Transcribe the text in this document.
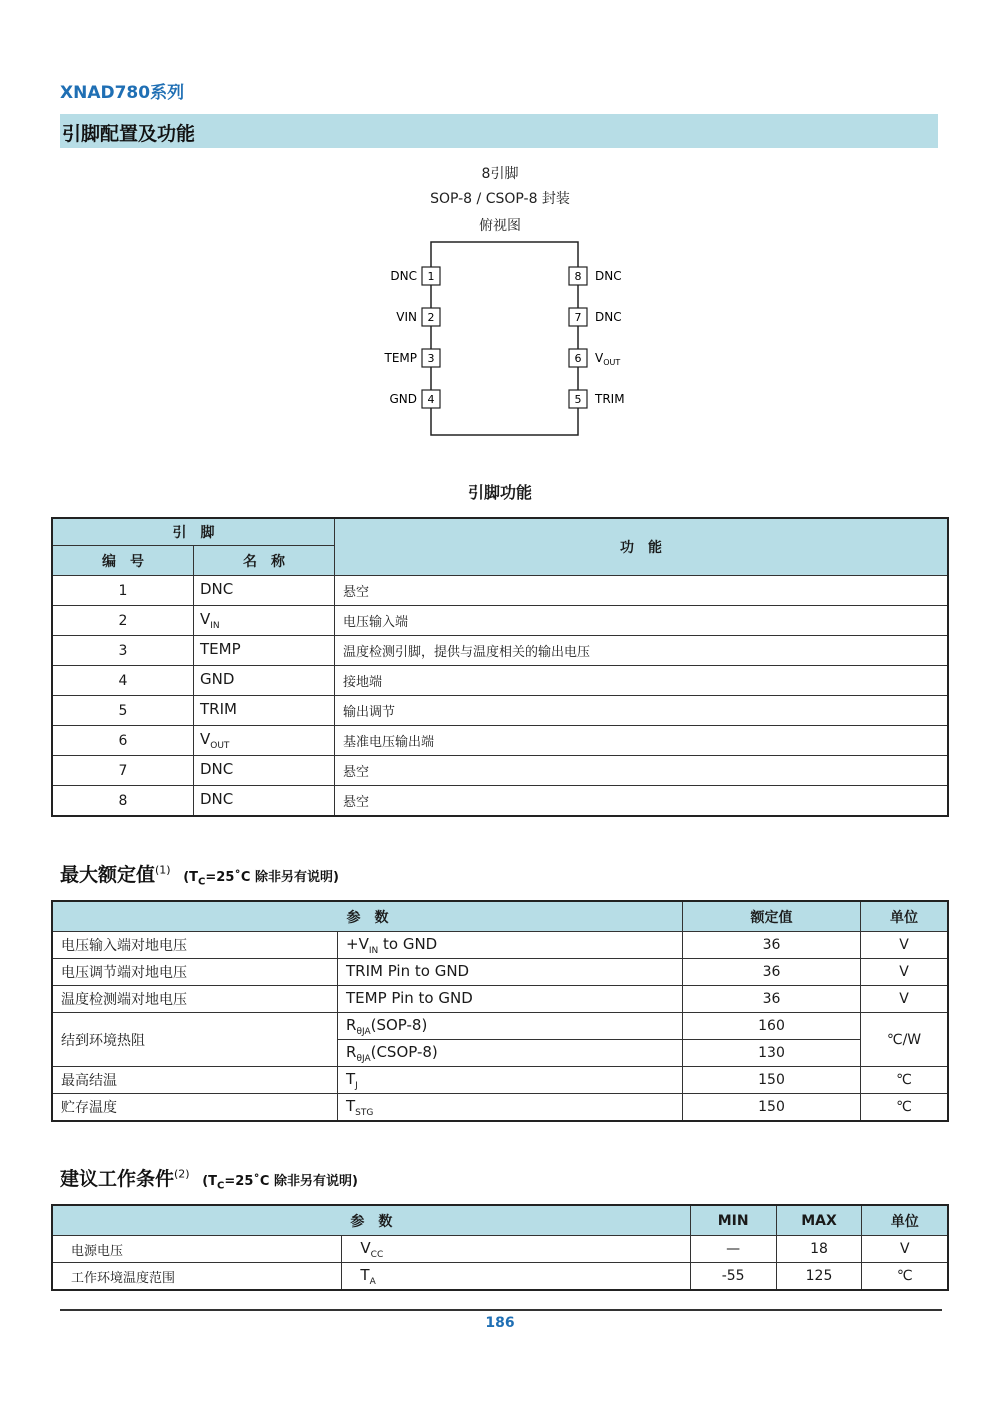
XNAD780系列
引脚配置及功能
8引脚
SOP-8 / CSOP-8 封装
俯视图
1
DNC
2
VIN
3
TEMP
4
GND
8 DNC
7 DNC
6 $V_{OUT}$
5 TRIM
引脚功能
引　脚		功　能
编　号	名　称	
1	DNC	悬空
2	$V_{IN}$	电压输入端
3	TEMP	温度检测引脚，提供与温度相关的输出电压
4	GND	接地端
5	TRIM	输出调节
6	$V_{OUT}$	基准电压输出端
7	DNC	悬空
8	DNC	悬空
最大额定值$^{(1)}$ ($T_C=25˚C$ 除非另有说明)
参　数		额定值	单位
电压输入端对地电压	$+V_{IN}$ to GND	36	V
电压调节端对地电压	TRIM Pin to GND	36	V
温度检测端对地电压	TEMP Pin to GND	36	V
结到环境热阻	$R_{\theta JA}(SOP-8)$	160	℃/W
	$R_{\theta JA}(CSOP-8)$	130	
最高结温	$T_J$	150	℃
贮存温度	$T_{STG}$	150	℃
建议工作条件$^{(2)}$ ($T_C=25˚C$ 除非另有说明)
参　数		MIN	MAX	单位
电源电压	$V_{CC}$	—	18	V
工作环境温度范围	$T_A$	-55	125	℃
186
